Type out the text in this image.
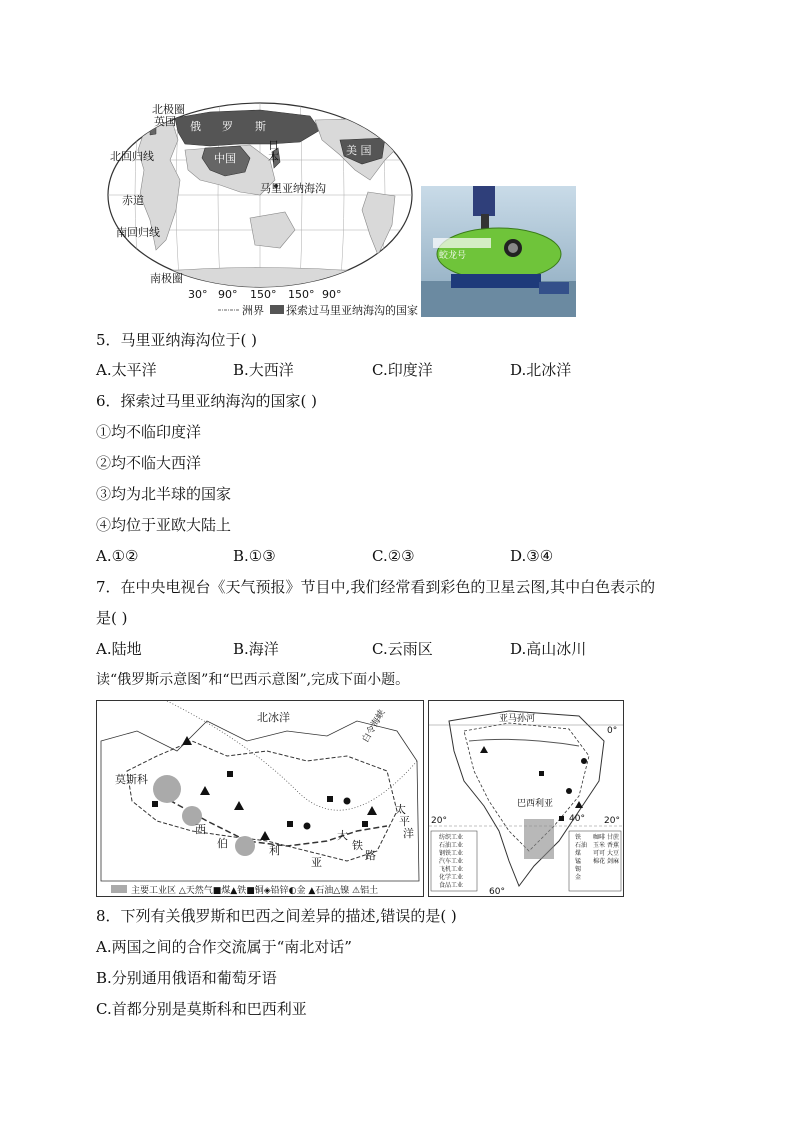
北极圈
英国 俄 罗 斯
日
本
中国
美 国
北回归线
赤道
南回归线
南极圈
马里亚纳海沟
30° 90° 150° 150° 90°
洲界 探索过马里亚纳海沟的国家
蛟龙号
5．马里亚纳海沟位于( )
A.太平洋	B.大西洋	C.印度洋	D.北冰洋
6．探索过马里亚纳海沟的国家( )
①均不临印度洋
②均不临大西洋
③均为北半球的国家
④均位于亚欧大陆上
A.①②	B.①③	C.②③	D.③④
7．在中央电视台《天气预报》节目中,我们经常看到彩色的卫星云图,其中白色表示的
是( )
A.陆地	B.海洋	C.云雨区	D.高山冰川
读“俄罗斯示意图”和“巴西示意图”,完成下面小题。
北冰洋
莫斯科
西
伯
利
亚
大
铁
路
太
平
洋
白令海峡
主要工业区 △天然气■煤▲铁■铜◈铅锌◐金 ▲石油△镍 ⚠铝土
亚马孙河
巴西利亚
0°
20°	20°
40°
60°
纺织工业
石油工业
钢铁工业
汽车工业
飞机工业
化学工业
食品工业
铁
石油
煤
锰
锡
金
咖啡
玉米
可可
棉花
甘蔗
香蕉
大豆
剑麻
8．下列有关俄罗斯和巴西之间差异的描述,错误的是( )
A.两国之间的合作交流属于“南北对话”
B.分别通用俄语和葡萄牙语
C.首都分别是莫斯科和巴西利亚
